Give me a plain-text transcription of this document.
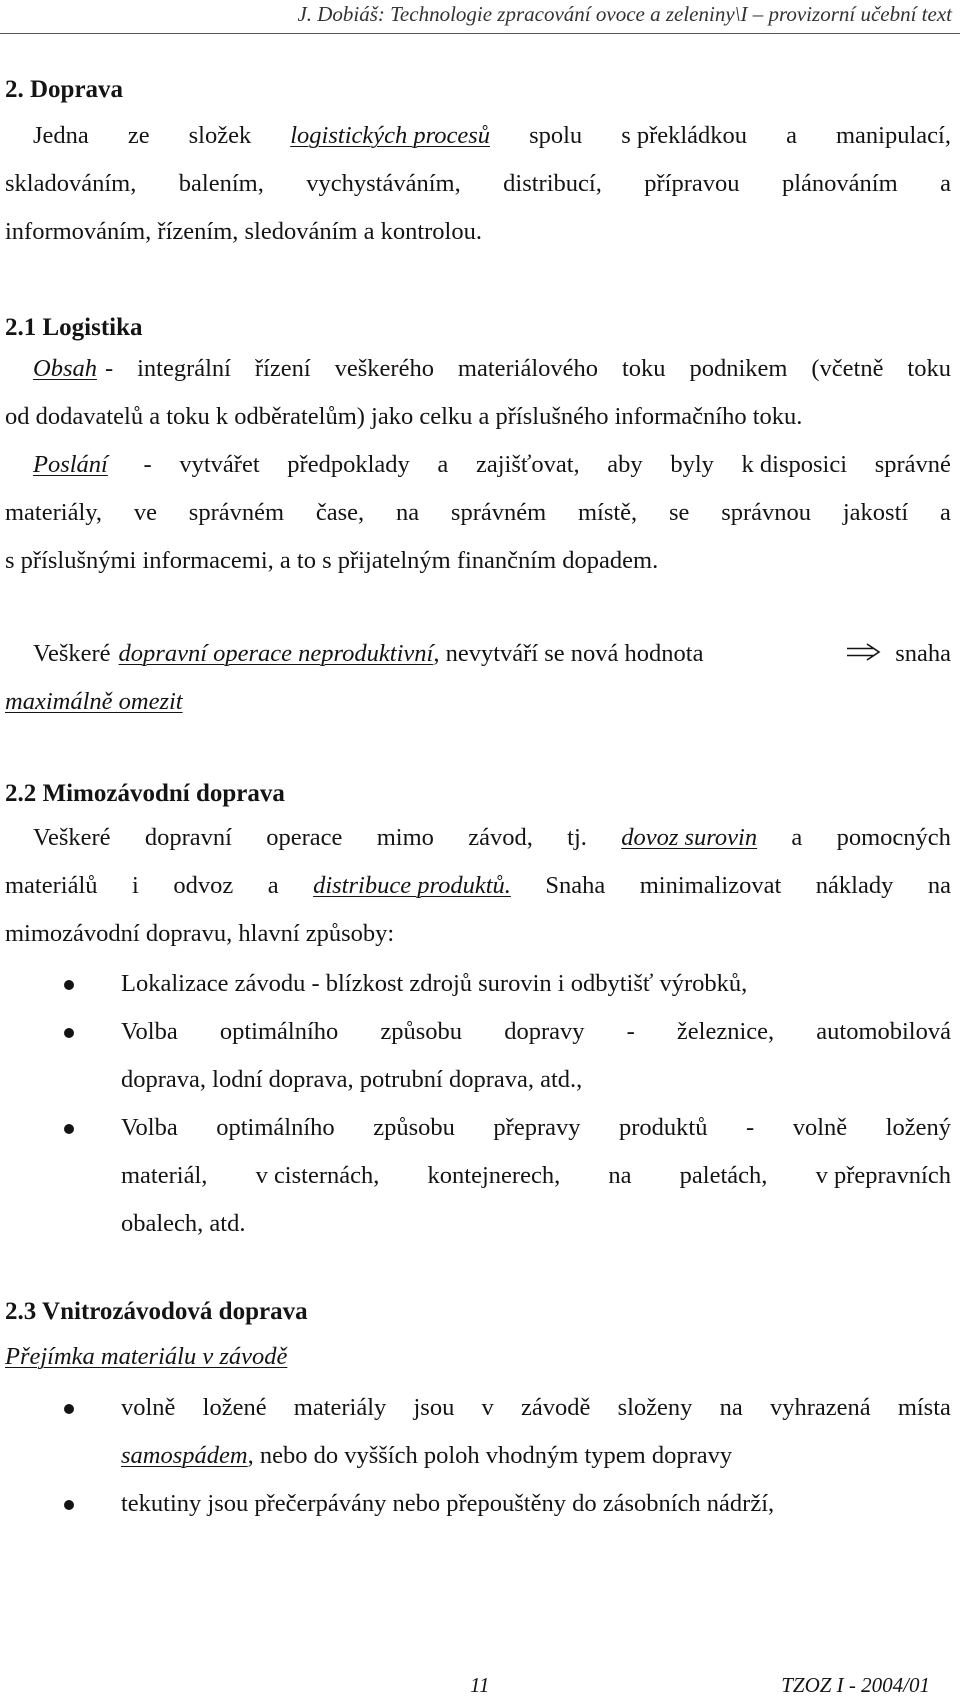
J. Dobiáš: Technologie zpracování ovoce a zeleniny\I – provizorní učební text
2. Doprava
Jedna ze složek logistických procesů spolu s překládkou a manipulací,
skladováním, balením, vychystáváním, distribucí, přípravou plánováním a
informováním, řízením, sledováním a kontrolou.
2.1 Logistika
Obsah - integrální řízení veškerého materiálového toku podnikem (včetně toku
od dodavatelů a toku k odběratelům) jako celku a příslušného informačního toku.
Poslání	- vytvářet předpoklady a zajišťovat, aby byly k disposici správné
materiály, ve správném čase, na správném místě, se správnou jakostí a
s příslušnými informacemi, a to s přijatelným finančním dopadem.
Veškeré dopravní operace neproduktivní, nevytváří se nová hodnota	snaha
maximálně omezit
2.2 Mimozávodní doprava
Veškeré dopravní operace mimo závod, tj. dovoz surovin a pomocných
materiálů i odvoz a distribuce produktů. Snaha minimalizovat náklady na
mimozávodní dopravu, hlavní způsoby:
Lokalizace závodu - blízkost zdrojů surovin i odbytišť výrobků,
Volba optimálního způsobu dopravy - železnice, automobilová
doprava, lodní doprava, potrubní doprava, atd.,
Volba optimálního způsobu přepravy produktů - volně ložený
materiál, v cisternách, kontejnerech, na paletách, v přepravních
obalech, atd.
2.3 Vnitrozávodová doprava
Přejímka materiálu v závodě
volně ložené materiály jsou v závodě složeny na vyhrazená místa
samospádem, nebo do vyšších poloh vhodným typem dopravy
tekutiny jsou přečerpávány nebo přepouštěny do zásobních nádrží,
11	TZOZ I - 2004/01
